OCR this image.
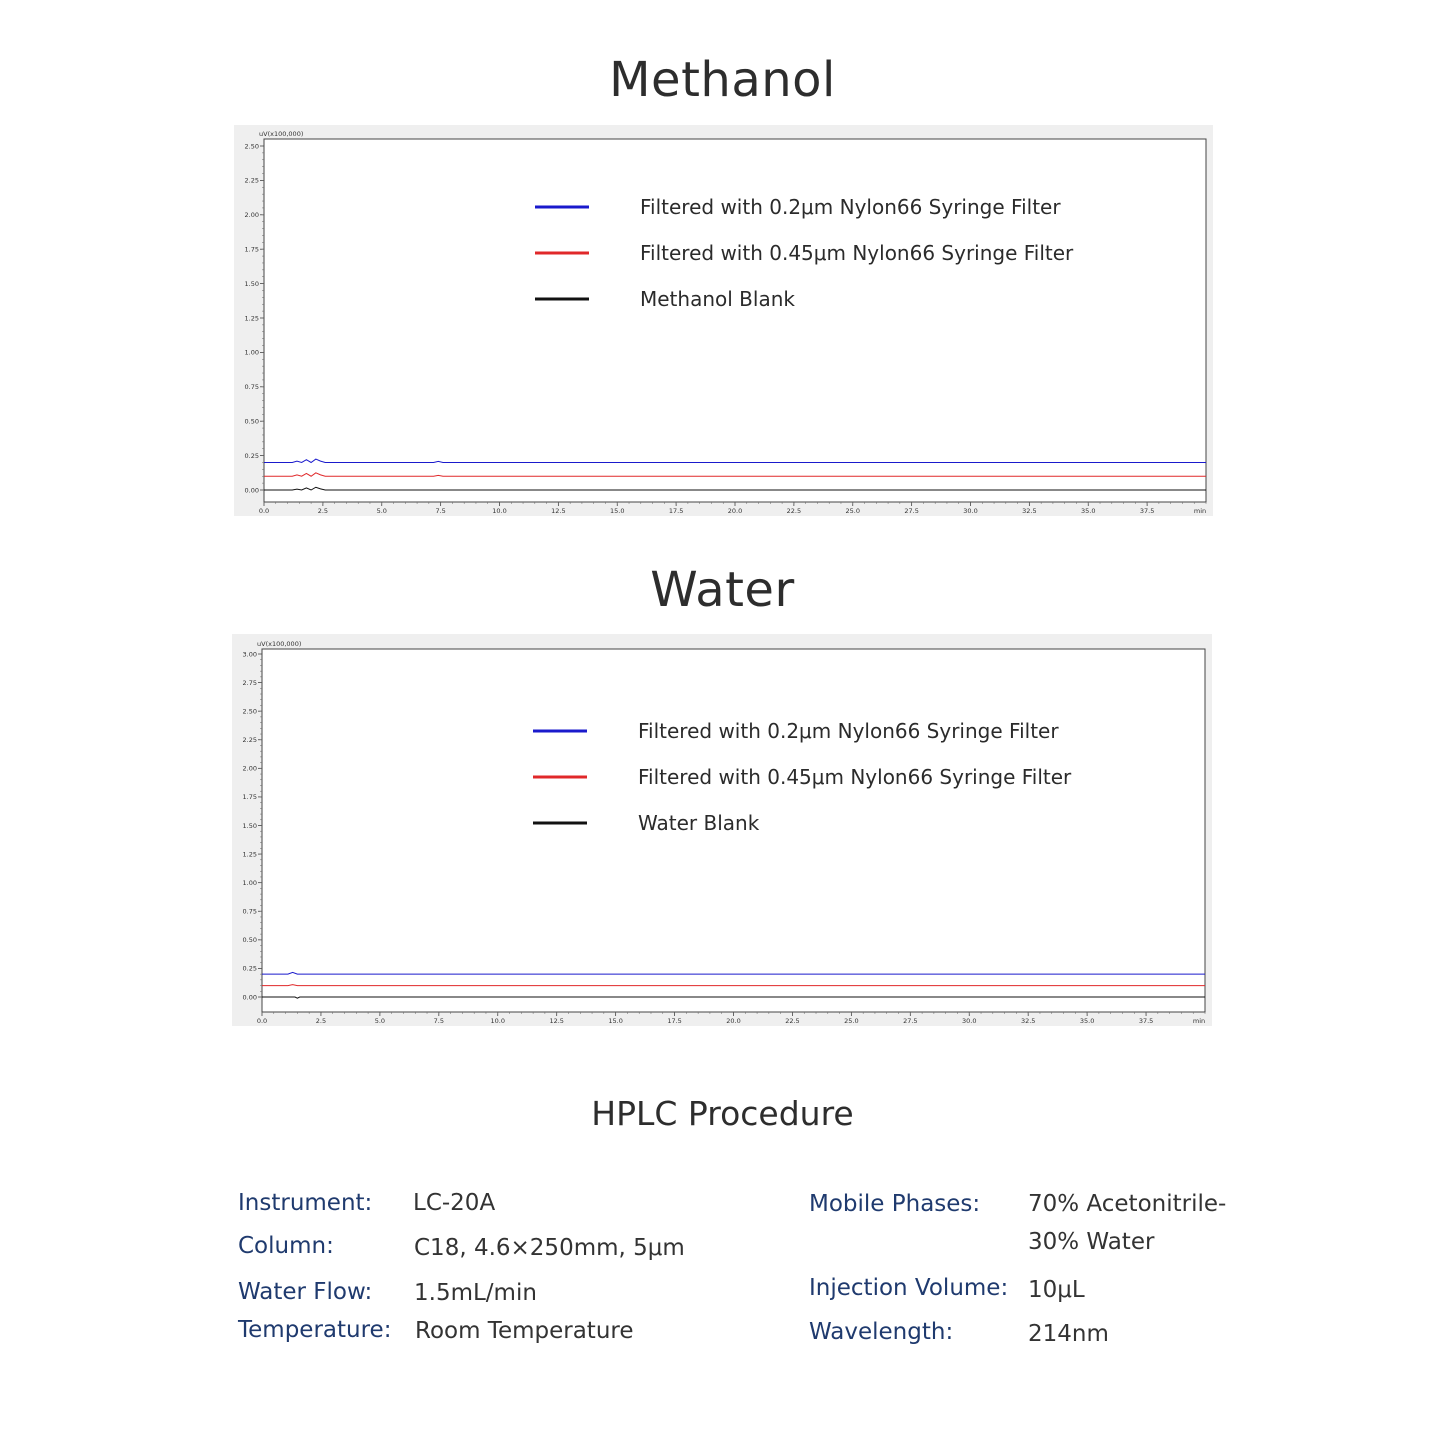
Methanol
uV(x100,000)
0.00
0.25
0.50
0.75
1.00
1.25
1.50
1.75
2.00
2.25
2.50
0.0	2.5	5.0	7.5	10.0	12.5	15.0	17.5	20.0	22.5	25.0	27.5	30.0	32.5	35.0	37.5	min
Filtered with 0.2μm Nylon66 Syringe Filter
Filtered with 0.45μm Nylon66 Syringe Filter
Methanol Blank
Water
uV(x100,000)
0.00
0.25
0.50
0.75
1.00
1.25
1.50
1.75
2.00
2.25
2.50
2.75
3.00
0.0	2.5	5.0	7.5	10.0	12.5	15.0	17.5	20.0	22.5	25.0	27.5	30.0	32.5	35.0	37.5	min
Filtered with 0.2μm Nylon66 Syringe Filter
Filtered with 0.45μm Nylon66 Syringe Filter
Water Blank
HPLC Procedure
Instrument: LC-20A
Column:	C18, 4.6×250mm, 5μm
Water Flow: 1.5mL/min
Temperature: Room Temperature
Mobile Phases: 70% Acetonitrile-
30% Water
Injection Volume: 10μL
Wavelength:	214nm
